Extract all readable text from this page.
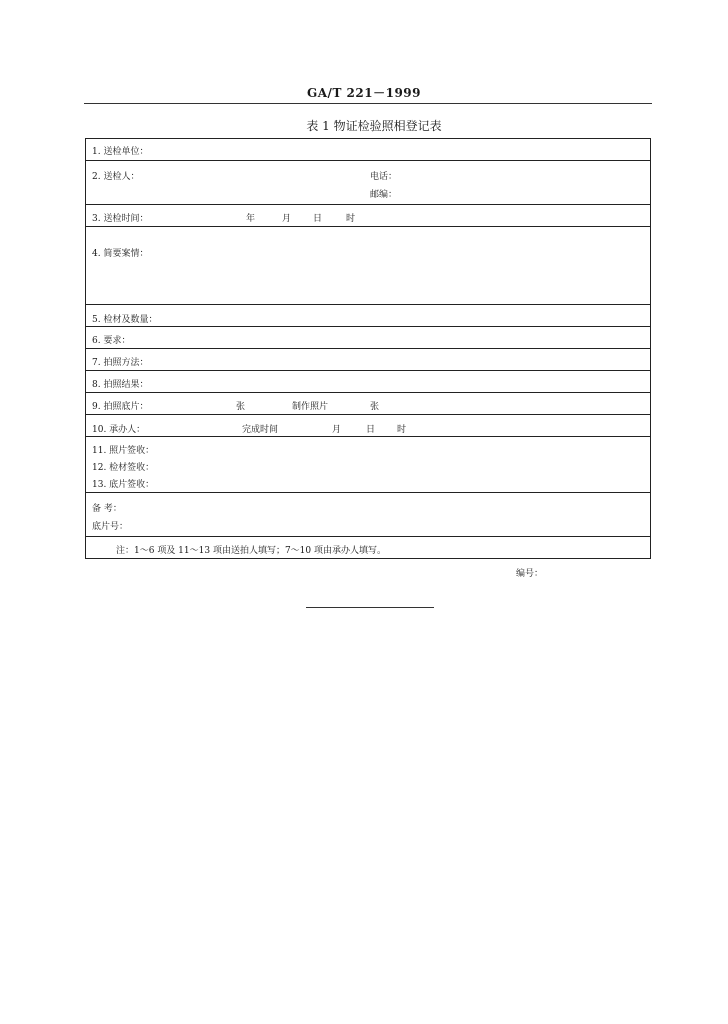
GA/T 221－1999
表 1 物证检验照相登记表
1. 送检单位：
2. 送检人：	电话：
邮编：
3. 送检时间：	年	月 日	时
4. 简要案情：
5. 检材及数量：
6. 要求：
7. 拍照方法：
8. 拍照结果：
9. 拍照底片：	张	制作照片	张
10. 承办人：	完成时间	月	日 时
11. 照片签收：
12. 检材签收：
13. 底片签收：
备 考：
底片号：
注：1～6 项及 11～13 项由送拍人填写；7～10 项由承办人填写。
编号：
